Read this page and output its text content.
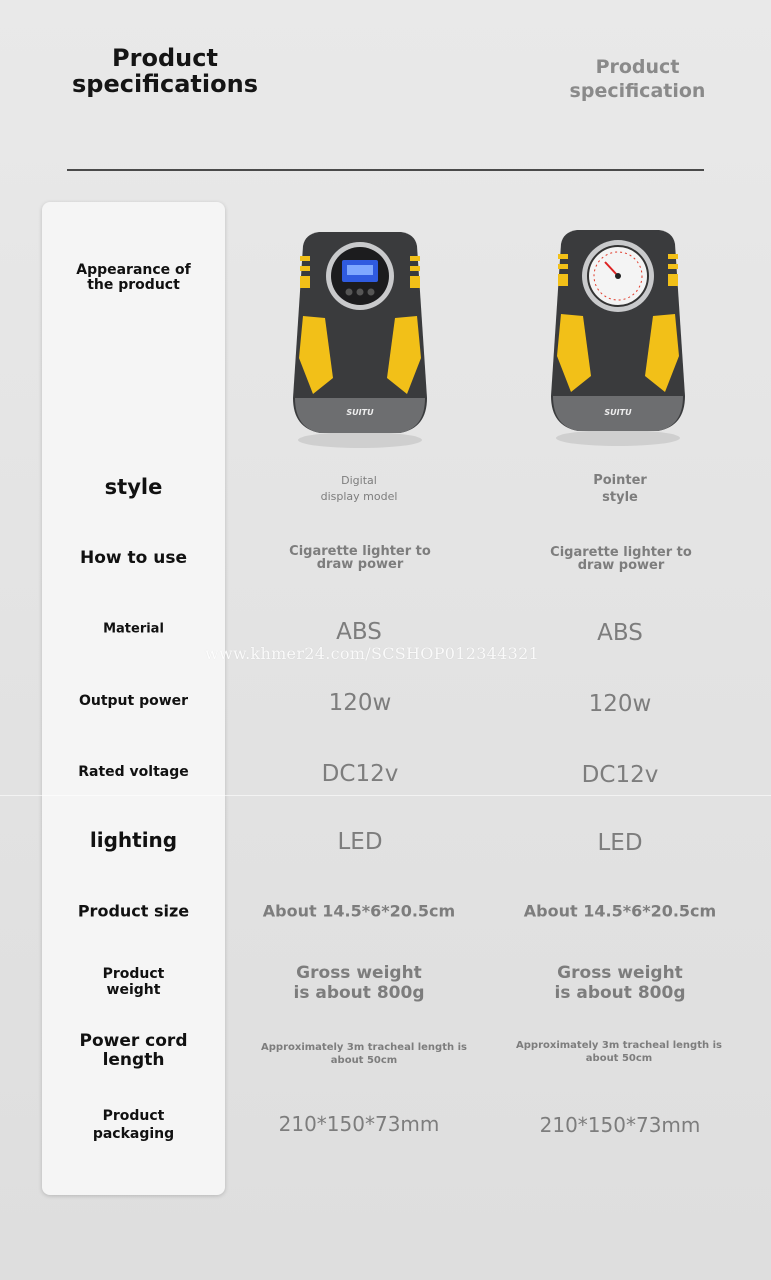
Product
specifications
Product
specification
Appearance of
the product
style
How to use
Material
Output power
Rated voltage
lighting
Product size
Product
weight
Power cord
length
Product
packaging
SUITU	SUITU
Digital
display model
Cigarette lighter to
draw power
ABS
120w
DC12v
LED
About 14.5*6*20.5cm
Gross weight
is about 800g
Approximately 3m tracheal length is
about 50cm
210*150*73mm
Pointer
style
Cigarette lighter to
draw power
ABS
120w
DC12v
LED
About 14.5*6*20.5cm
Gross weight
is about 800g
Approximately 3m tracheal length is
about 50cm
210*150*73mm
www.khmer24.com/SCSHOP012344321
